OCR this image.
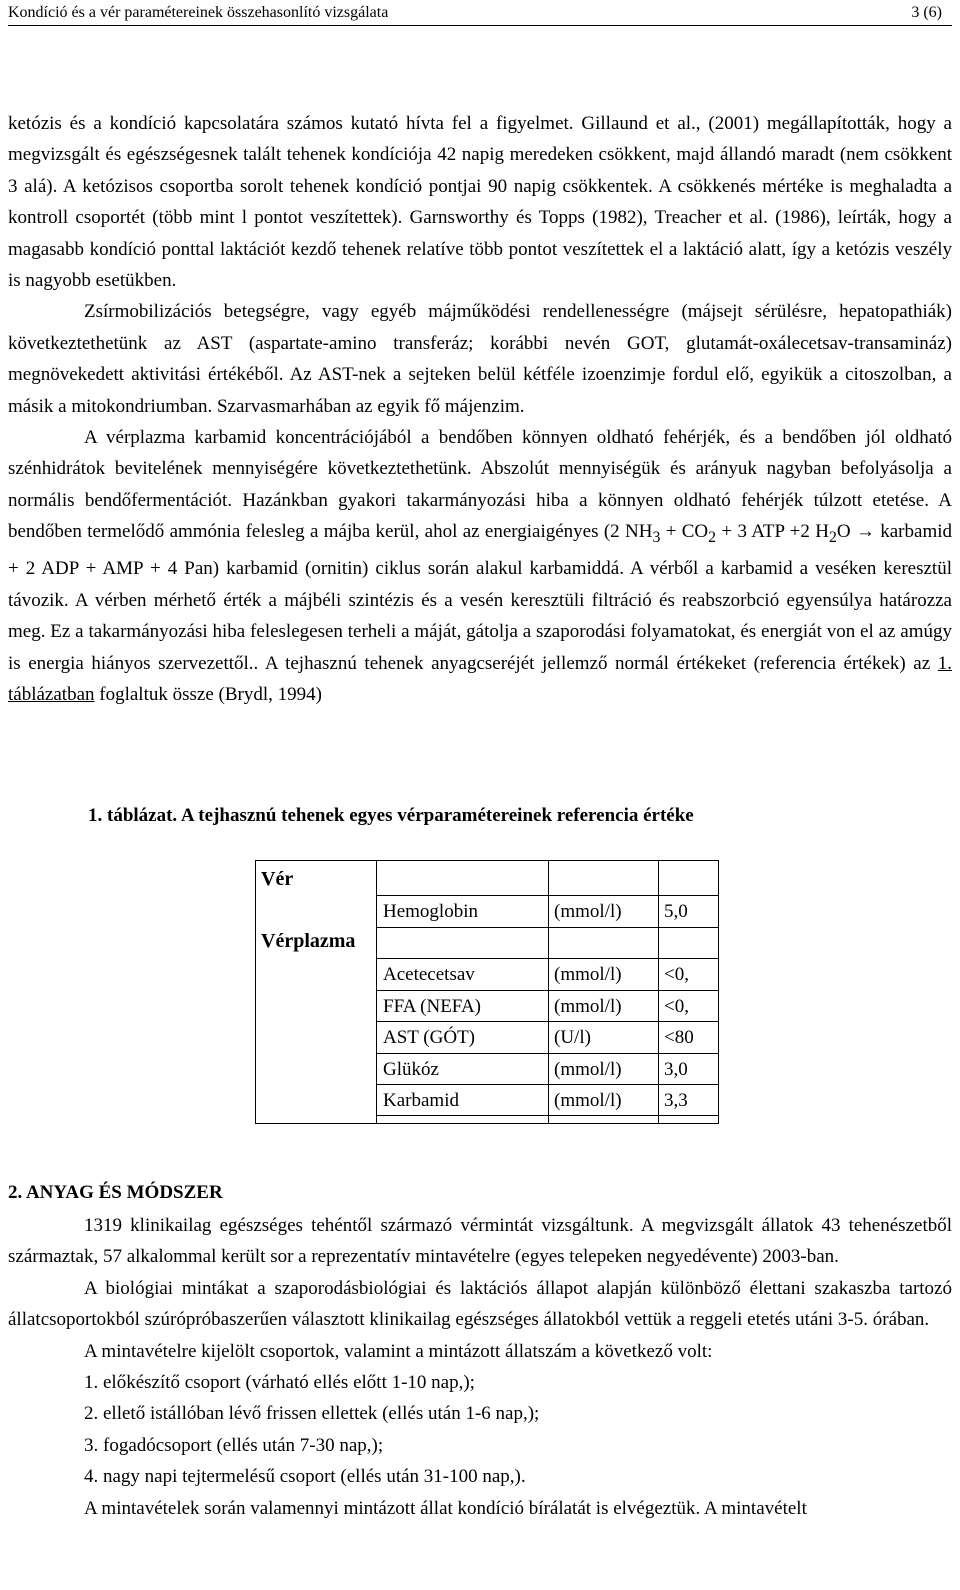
Kondíció és a vér paramétereinek összehasonlító vizsgálata	3 (6)

ketózis és a kondíció kapcsolatára számos kutató hívta fel a figyelmet. Gillaund et al., (2001) megállapították, hogy a megvizsgált és egészségesnek talált tehenek kondíciója 42 napig meredeken csökkent, majd állandó maradt (nem csökkent 3 alá). A ketózisos csoportba sorolt tehenek kondíció pontjai 90 napig csökkentek. A csökkenés mértéke is meghaladta a kontroll csoportét (több mint l pontot veszítettek). Garnsworthy és Topps (1982), Treacher et al. (1986), leírták, hogy a magasabb kondíció ponttal laktációt kezdő tehenek relatíve több pontot veszítettek el a laktáció alatt, így a ketózis veszély is nagyobb esetükben.

Zsírmobilizációs betegségre, vagy egyéb májműködési rendellenességre (májsejt sérülésre, hepatopathiák) következtethetünk az AST (aspartate-amino transferáz; korábbi nevén GOT, glutamát-oxálecetsav-transamináz) megnövekedett aktivitási értékéből. Az AST-nek a sejteken belül kétféle izoenzimje fordul elő, egyikük a citoszolban, a másik a mitokondriumban. Szarvasmarhában az egyik fő májenzim.

A vérplazma karbamid koncentrációjából a bendőben könnyen oldható fehérjék, és a bendőben jól oldható szénhidrátok bevitelének mennyiségére következtethetünk. Abszolút mennyiségük és arányuk nagyban befolyásolja a normális bendőfermentációt. Hazánkban gyakori takarmányozási hiba a könnyen oldható fehérjék túlzott etetése. A bendőben termelődő ammónia felesleg a májba kerül, ahol az energiaigényes (2 $NH_3 + CO_2 + 3$ ATP +2 $H_2O$ → karbamid + 2 ADP + AMP + 4 Pan) karbamid (ornitin) ciklus során alakul karbamiddá. A vérből a karbamid a veséken keresztül távozik. A vérben mérhető érték a májbéli szintézis és a vesén keresztüli filtráció és reabszorbció egyensúlya határozza meg. Ez a takarmányozási hiba feleslegesen terheli a máját, gátolja a szaporodási folyamatokat, és energiát von el az amúgy is energia hiányos szervezettől.. A tejhasznú tehenek anyagcseréjét jellemző normál értékeket (referencia értékek) az 1. táblázatban foglaltuk össze (Brydl, 1994)

1. táblázat. A tejhasznú tehenek egyes vérparamétereinek referencia értéke
Vér
Vérplazma
Hemoglobin	(mmol/l) 5,0
Acetecetsav	(mmol/l) <0,
FFA (NEFA)	(mmol/l) <0,
AST (GÓT)	(U/l)	<80
Glükóz	(mmol/l) 3,0
Karbamid	(mmol/l) 3,3
2. ANYAG ÉS MÓDSZER

1319 klinikailag egészséges tehéntől származó vérmintát vizsgáltunk. A megvizsgált állatok 43 tehenészetből származtak, 57 alkalommal került sor a reprezentatív mintavételre (egyes telepeken negyedévente) 2003-ban.

A biológiai mintákat a szaporodásbiológiai és laktációs állapot alapján különböző élettani szakaszba tartozó állatcsoportokból szúrópróbaszerűen választott klinikailag egészséges állatokból vettük a reggeli etetés utáni 3-5. órában.

A mintavételre kijelölt csoportok, valamint a mintázott állatszám a következő volt:

1. előkészítő csoport (várható ellés előtt 1-10 nap,);

2. ellető istállóban lévő frissen ellettek (ellés után 1-6 nap,);

3. fogadócsoport (ellés után 7-30 nap,);

4. nagy napi tejtermelésű csoport (ellés után 31-100 nap,).

A mintavételek során valamennyi mintázott állat kondíció bírálatát is elvégeztük. A mintavételt
